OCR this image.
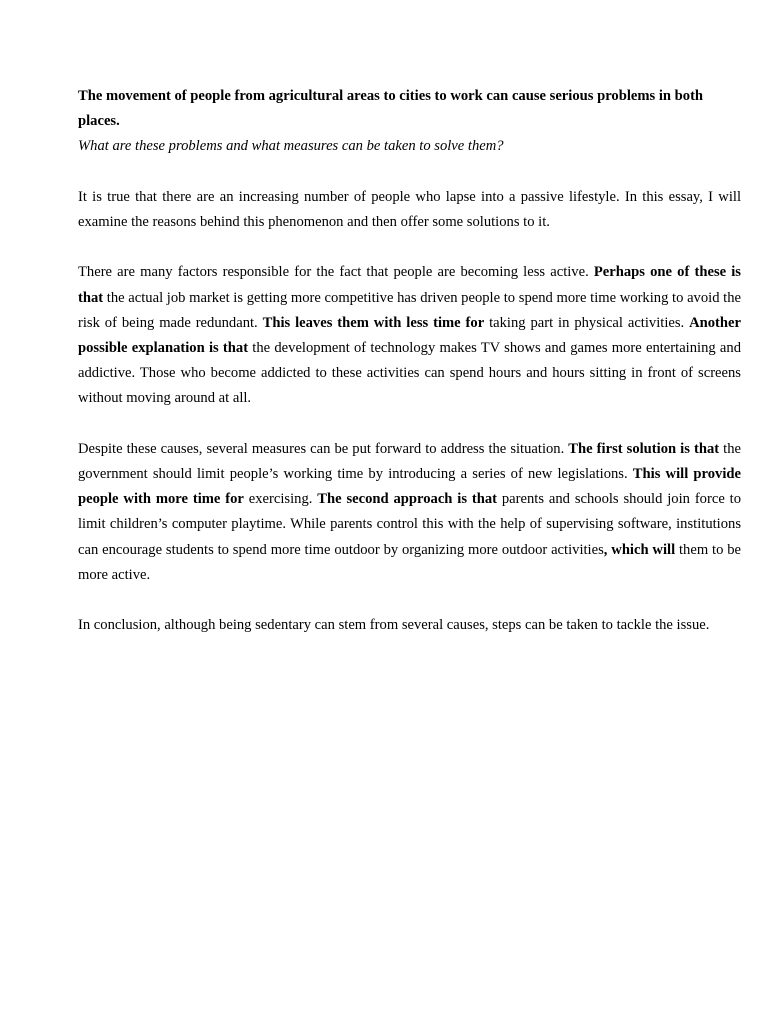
The movement of people from agricultural areas to cities to work can cause serious problems in both places.

What are these problems and what measures can be taken to solve them?

It is true that there are an increasing number of people who lapse into a passive lifestyle. In this essay, I will examine the reasons behind this phenomenon and then offer some solutions to it.

There are many factors responsible for the fact that people are becoming less active. Perhaps one of these is that the actual job market is getting more competitive has driven people to spend more time working to avoid the risk of being made redundant. This leaves them with less time for taking part in physical activities. Another possible explanation is that the development of technology makes TV shows and games more entertaining and addictive. Those who become addicted to these activities can spend hours and hours sitting in front of screens without moving around at all.

Despite these causes, several measures can be put forward to address the situation. The first solution is that the government should limit people’s working time by introducing a series of new legislations. This will provide people with more time for exercising. The second approach is that parents and schools should join force to limit children’s computer playtime. While parents control this with the help of supervising software, institutions can encourage students to spend more time outdoor by organizing more outdoor activities, which will them to be more active.

In conclusion, although being sedentary can stem from several causes, steps can be taken to tackle the issue.
